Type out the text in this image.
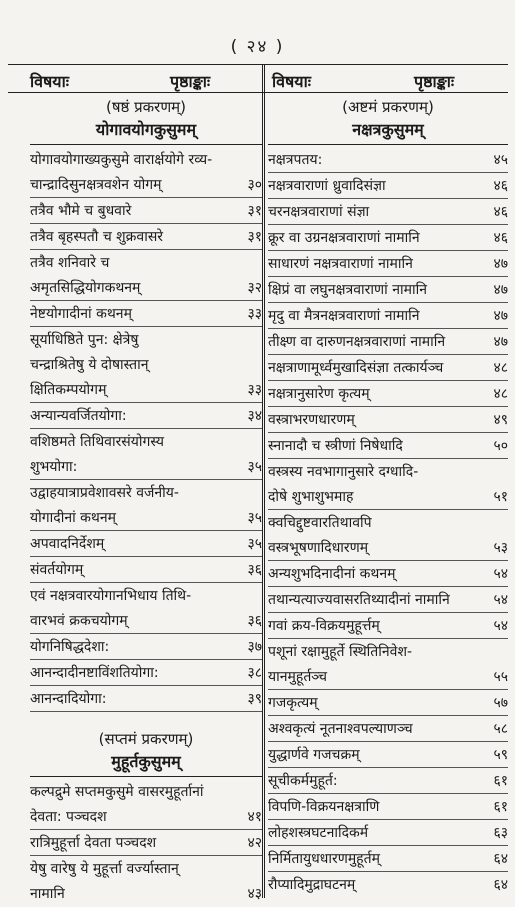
( २४ )
विषयाः	पृष्ठाङ्काः	विषयाः	पृष्ठाङ्काः
(षष्ठं प्रकरणम्)
योगावयोगकुसुमम्
योगावयोगाख्यकुसुमे वारार्क्षयोगे रव्य-
चान्द्रादिसुनक्षत्रवशेन योगम्	३०
तत्रैव भौमे च बुधवारे	३१
तत्रैव बृहस्पतौ च शुक्रवासरे	३१
तत्रैव शनिवारे च
अमृतसिद्धियोगकथनम्	३२
नेष्टयोगादीनां कथनम्	३३
सूर्याधिष्ठिते पुन: क्षेत्रेषु
चन्द्राश्रितेषु ये दोषास्तान्
क्षितिकम्पयोगम्	३३
अन्यान्यवर्जितयोगा:	३४
वशिष्ठमते तिथिवारसंयोगस्य
शुभयोगा:	३५
उद्वाहयात्राप्रवेशावसरे वर्जनीय-
योगादीनां कथनम्	३५
अपवादनिर्देशम्	३५
संवर्तयोगम्	३६
एवं नक्षत्रवारयोगानभिधाय तिथि-
वारभवं क्रकचयोगम्	३६
योगनिषिद्धदेशा:	३७
आनन्दादीनष्टाविंशतियोगा:	३८
आनन्दादियोगा:	३९
(सप्तमं प्रकरणम्)
मुहूर्तकुसुमम्
कल्पद्रुमे सप्तमकुसुमे वासरमुहूर्तानां
देवता: पञ्चदश	४१
रात्रिमुहूर्त्ता देवता पञ्चदश	४२
येषु वारेषु ये मुहूर्त्ता वर्ज्यास्तान्
नामानि	४३
(अष्टमं प्रकरणम्)
नक्षत्रकुसुमम्
नक्षत्रपतय:	४५
नक्षत्रवाराणां ध्रुवादिसंज्ञा	४६
चरनक्षत्रवाराणां संज्ञा	४६
क्रूर वा उग्रनक्षत्रवाराणां नामानि	४६
साधारणं नक्षत्रवाराणां नामानि	४७
क्षिप्रं वा लघुनक्षत्रवाराणां नामानि	४७
मृदु वा मैत्रनक्षत्रवाराणां नामानि	४७
तीक्ष्ण वा दारुणनक्षत्रवाराणां नामानि	४७
नक्षत्राणामूर्ध्वमुखादिसंज्ञा तत्कार्यञ्च	४८
नक्षत्रानुसारेण कृत्यम्	४८
वस्त्राभरणधारणम्	४९
स्नानादौ च स्त्रीणां निषेधादि	५०
वस्त्रस्य नवभागानुसारे दग्धादि-
दोषे शुभाशुभमाह	५१
क्वचिद्दुष्टवारतिथावपि
वस्त्रभूषणादिधारणम्	५३
अन्यशुभदिनादीनां कथनम्	५४
तथान्यत्याज्यवासरतिथ्यादीनां नामानि	५४
गवां क्रय-विक्रयमुहूर्त्तम्	५४
पशूनां रक्षामुहूर्ते स्थितिनिवेश-
यानमुहूर्तञ्च	५५
गजकृत्यम्	५७
अश्वकृत्यं नूतनाश्वपल्याणञ्च	५८
युद्धार्णवे गजचक्रम्	५९
सूचीकर्ममुहूर्त:	६१
विपणि-विक्रयनक्षत्राणि	६१
लोहशस्त्रघटनादिकर्म	६३
निर्मितायुधधारणमुहूर्तम्	६४
रौप्यादिमुद्राघटनम्	६४
